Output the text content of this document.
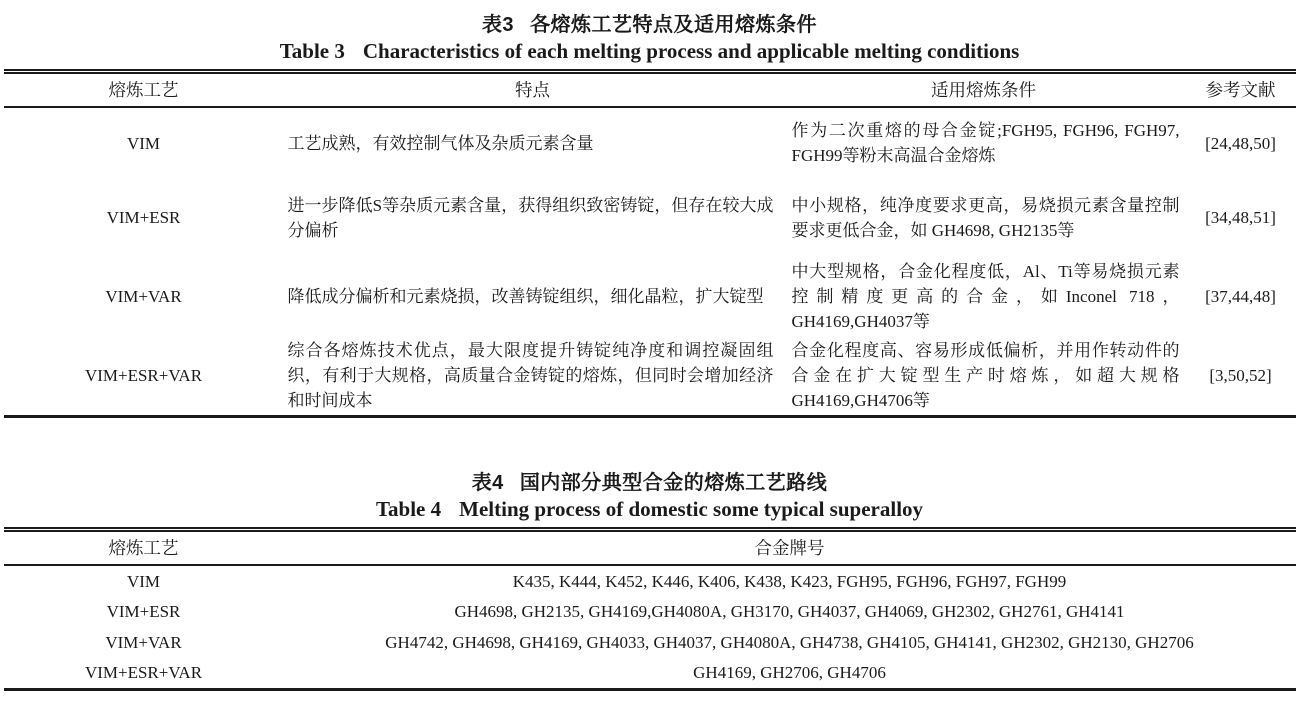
表3 各熔炼工艺特点及适用熔炼条件
Table 3 Characteristics of each melting process and applicable melting conditions
熔炼工艺	特点	适用熔炼条件	参考文献
VIM	工艺成熟，有效控制气体及杂质元素含量	作为二次重熔的母合金锭;FGH95, FGH96, FGH97, FGH99等粉末高温合金熔炼	[24,48,50]
VIM+ESR	进一步降低S等杂质元素含量，获得组织致密铸锭，但存在较大成分偏析	中小规格，纯净度要求更高，易烧损元素含量控制要求更低合金，如 GH4698, GH2135等	[34,48,51]
VIM+VAR	降低成分偏析和元素烧损，改善铸锭组织，细化晶粒，扩大锭型	中大型规格，合金化程度低，Al、Ti等易烧损元素控制精度更高的合金，如Inconel 718，GH4169,GH4037等	[37,44,48]
VIM+ESR+VAR	综合各熔炼技术优点，最大限度提升铸锭纯净度和调控凝固组织，有利于大规格，高质量合金铸锭的熔炼，但同时会增加经济和时间成本	合金化程度高、容易形成低偏析，并用作转动件的合金在扩大锭型生产时熔炼，如超大规格 GH4169,GH4706等	[3,50,52]
表4 国内部分典型合金的熔炼工艺路线
Table 4 Melting process of domestic some typical superalloy
熔炼工艺	合金牌号
VIM	K435, K444, K452, K446, K406, K438, K423, FGH95, FGH96, FGH97, FGH99
VIM+ESR	GH4698, GH2135, GH4169,GH4080A, GH3170, GH4037, GH4069, GH2302, GH2761, GH4141
VIM+VAR	GH4742, GH4698, GH4169, GH4033, GH4037, GH4080A, GH4738, GH4105, GH4141, GH2302, GH2130, GH2706
VIM+ESR+VAR	GH4169, GH2706, GH4706
